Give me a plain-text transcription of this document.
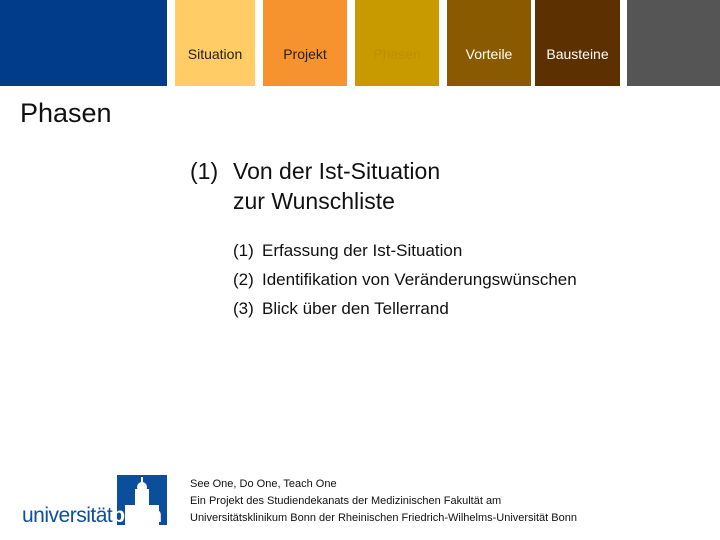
Situation	Projekt	Phasen	Vorteile Bausteine
Phasen
(1) Von der Ist-Situation
zur Wunschliste
(1) Erfassung der Ist-Situation
(2) Identifikation von Veränderungswünschen
(3) Blick über den Tellerrand
universitätbonn
See One, Do One, Teach One
Ein Projekt des Studiendekanats der Medizinischen Fakultät am
Universitätsklinikum Bonn der Rheinischen Friedrich-Wilhelms-Universität Bonn
